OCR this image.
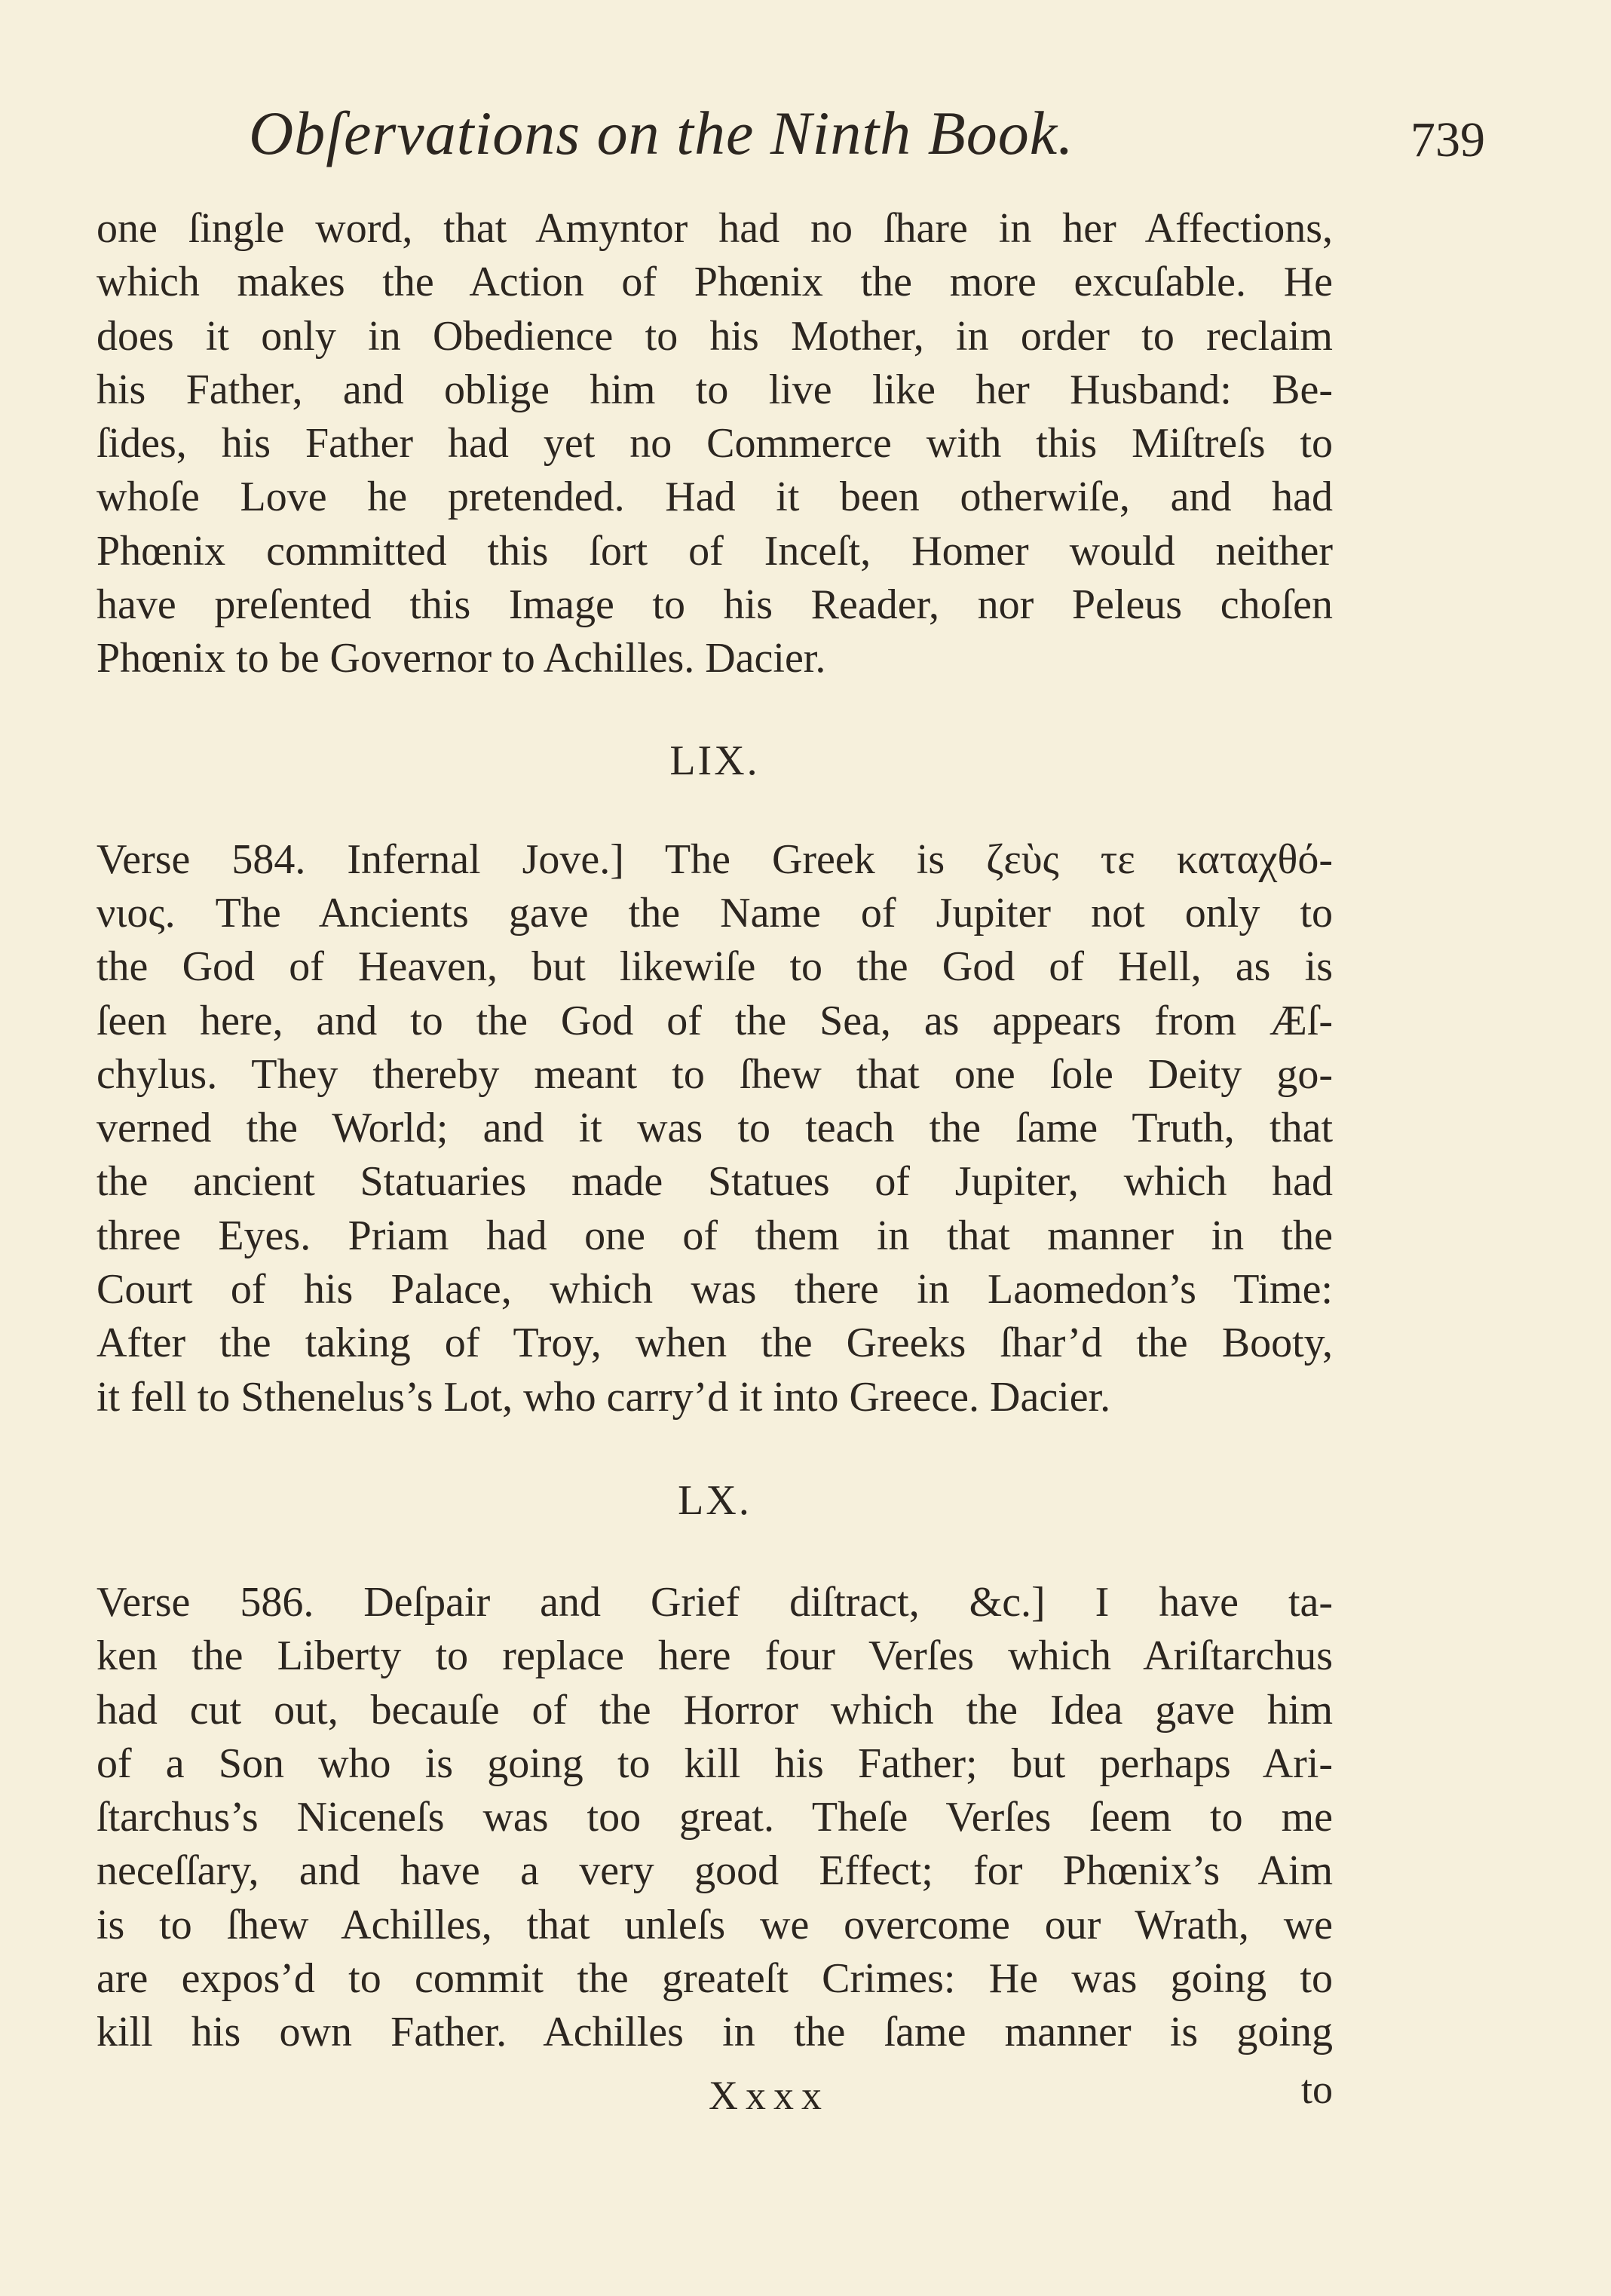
Obſervations on the Ninth Book.	739

one ſingle word, that Amyntor had no ſhare in her Affections,
which makes the Action of Phœnix the more excuſable. He
does it only in Obedience to his Mother, in order to reclaim
his Father, and oblige him to live like her Husband: Be-
ſides, his Father had yet no Commerce with this Miſtreſs to
whoſe Love he pretended. Had it been otherwiſe, and had
Phœnix committed this ſort of Inceſt, Homer would neither
have preſented this Image to his Reader, nor Peleus choſen
Phœnix to be Governor to Achilles. Dacier.

LIX.

Verse 584. Infernal Jove.] The Greek is ζεὺς τε καταχθό-
νιος. The Ancients gave the Name of Jupiter not only to
the God of Heaven, but likewiſe to the God of Hell, as is
ſeen here, and to the God of the Sea, as appears from Æſ-
chylus. They thereby meant to ſhew that one ſole Deity go-
verned the World; and it was to teach the ſame Truth, that
the ancient Statuaries made Statues of Jupiter, which had
three Eyes. Priam had one of them in that manner in the
Court of his Palace, which was there in Laomedon’s Time:
After the taking of Troy, when the Greeks ſhar’d the Booty,
it fell to Sthenelus’s Lot, who carry’d it into Greece. Dacier.

LX.

Verse 586. Deſpair and Grief diſtract, &c.] I have ta-
ken the Liberty to replace here four Verſes which Ariſtarchus
had cut out, becauſe of the Horror which the Idea gave him
of a Son who is going to kill his Father; but perhaps Ari-
ſtarchus’s Niceneſs was too great. Theſe Verſes ſeem to me
neceſſary, and have a very good Effect; for Phœnix’s Aim
is to ſhew Achilles, that unleſs we overcome our Wrath, we
are expos’d to commit the greateſt Crimes: He was going to
kill his own Father. Achilles in the ſame manner is going

Xxxx	to
